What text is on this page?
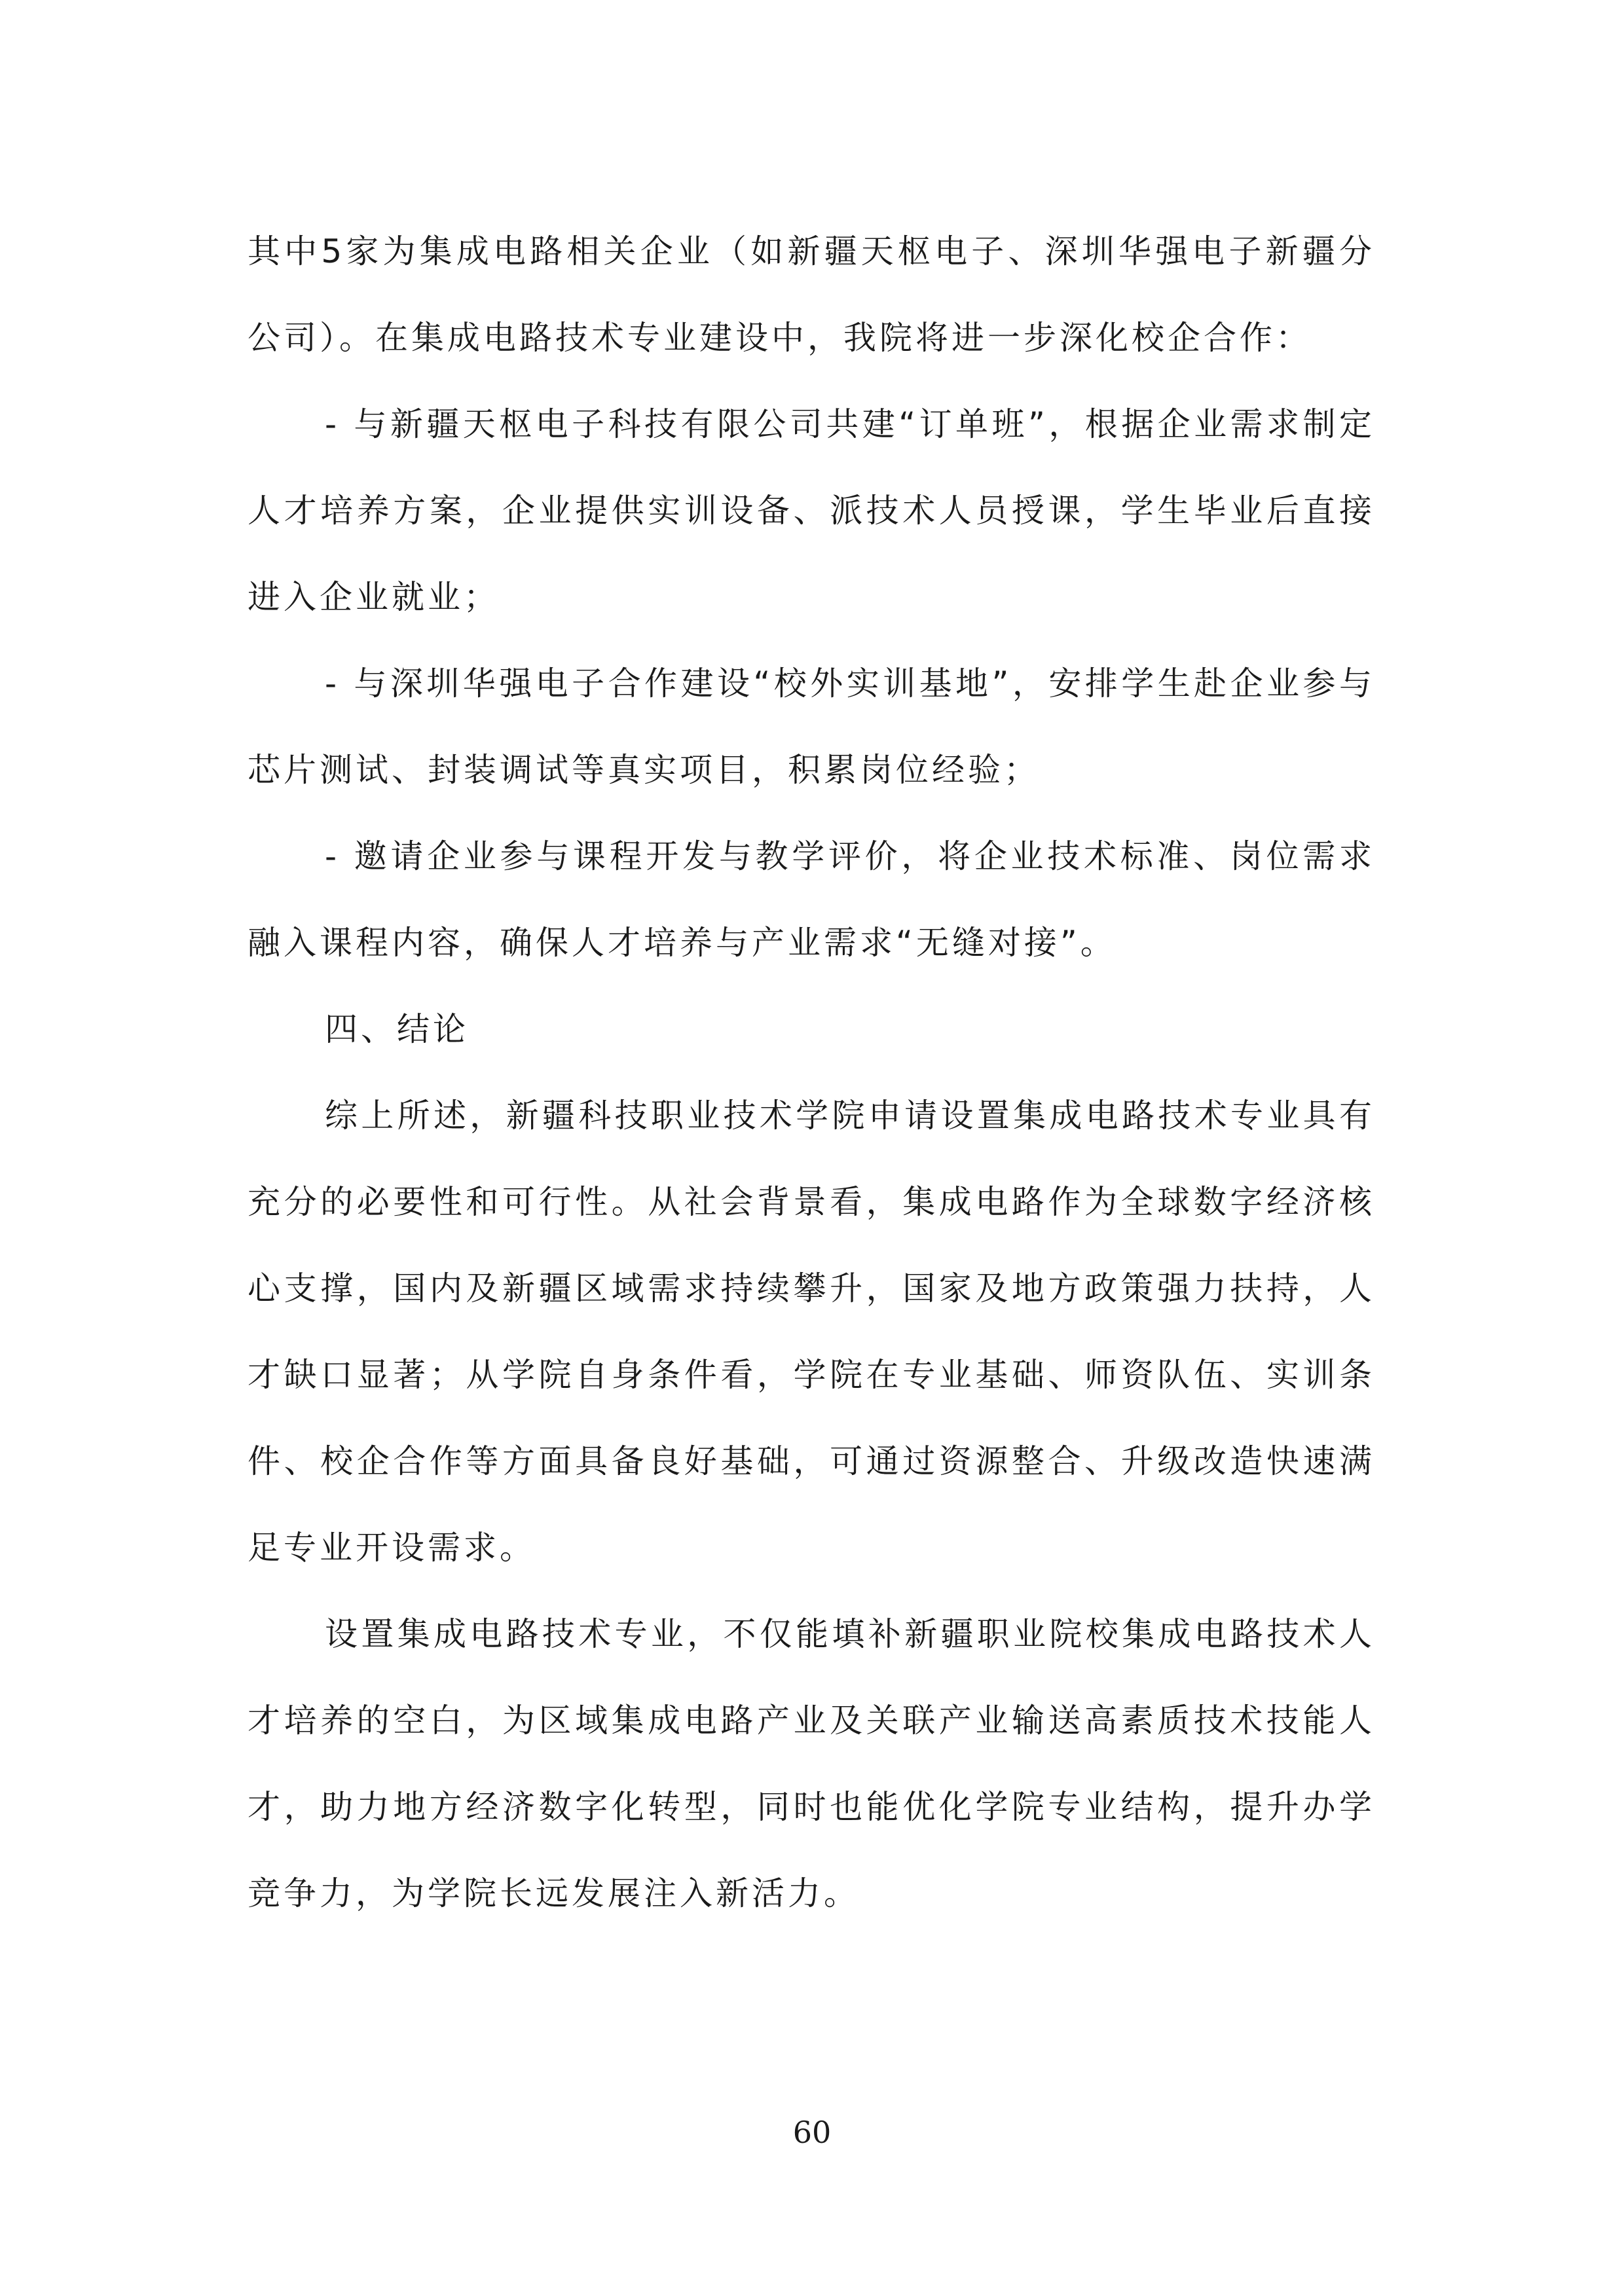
其中5家为集成电路相关企业（如新疆天枢电子、深圳华强电子新疆分公司）。在集成电路技术专业建设中，我院将进一步深化校企合作：

- 与新疆天枢电子科技有限公司共建“订单班”，根据企业需求制定人才培养方案，企业提供实训设备、派技术人员授课，学生毕业后直接进入企业就业；

- 与深圳华强电子合作建设“校外实训基地”，安排学生赴企业参与芯片测试、封装调试等真实项目，积累岗位经验；

- 邀请企业参与课程开发与教学评价，将企业技术标准、岗位需求融入课程内容，确保人才培养与产业需求“无缝对接”。

四、结论

综上所述，新疆科技职业技术学院申请设置集成电路技术专业具有充分的必要性和可行性。从社会背景看，集成电路作为全球数字经济核心支撑，国内及新疆区域需求持续攀升，国家及地方政策强力扶持，人才缺口显著；从学院自身条件看，学院在专业基础、师资队伍、实训条件、校企合作等方面具备良好基础，可通过资源整合、升级改造快速满足专业开设需求。

设置集成电路技术专业，不仅能填补新疆职业院校集成电路技术人才培养的空白，为区域集成电路产业及关联产业输送高素质技术技能人才，助力地方经济数字化转型，同时也能优化学院专业结构，提升办学竞争力，为学院长远发展注入新活力。

60
